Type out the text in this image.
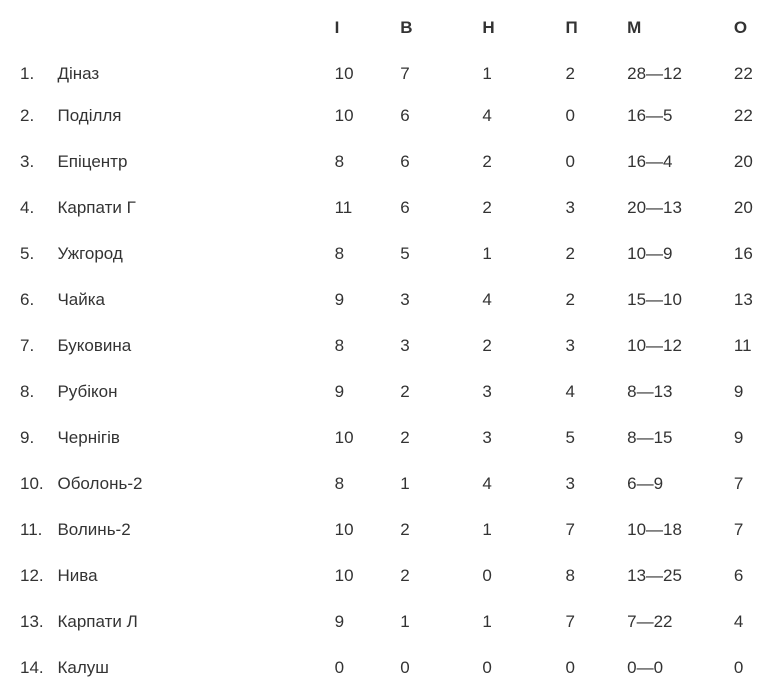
		І	В	Н	П	М	О
1.	Діназ	10	7	1	2	28—12	22
2.	Поділля	10	6	4	0	16—5	22
3.	Епіцентр	8	6	2	0	16—4	20
4.	Карпати Г	11	6	2	3	20—13	20
5.	Ужгород	8	5	1	2	10—9	16
6.	Чайка	9	3	4	2	15—10	13
7.	Буковина	8	3	2	3	10—12	11
8.	Рубікон	9	2	3	4	8—13	9
9.	Чернігів	10	2	3	5	8—15	9
10.	Оболонь-2	8	1	4	3	6—9	7
11.	Волинь-2	10	2	1	7	10—18	7
12.	Нива	10	2	0	8	13—25	6
13.	Карпати Л	9	1	1	7	7—22	4
14.	Калуш	0	0	0	0	0—0	0
